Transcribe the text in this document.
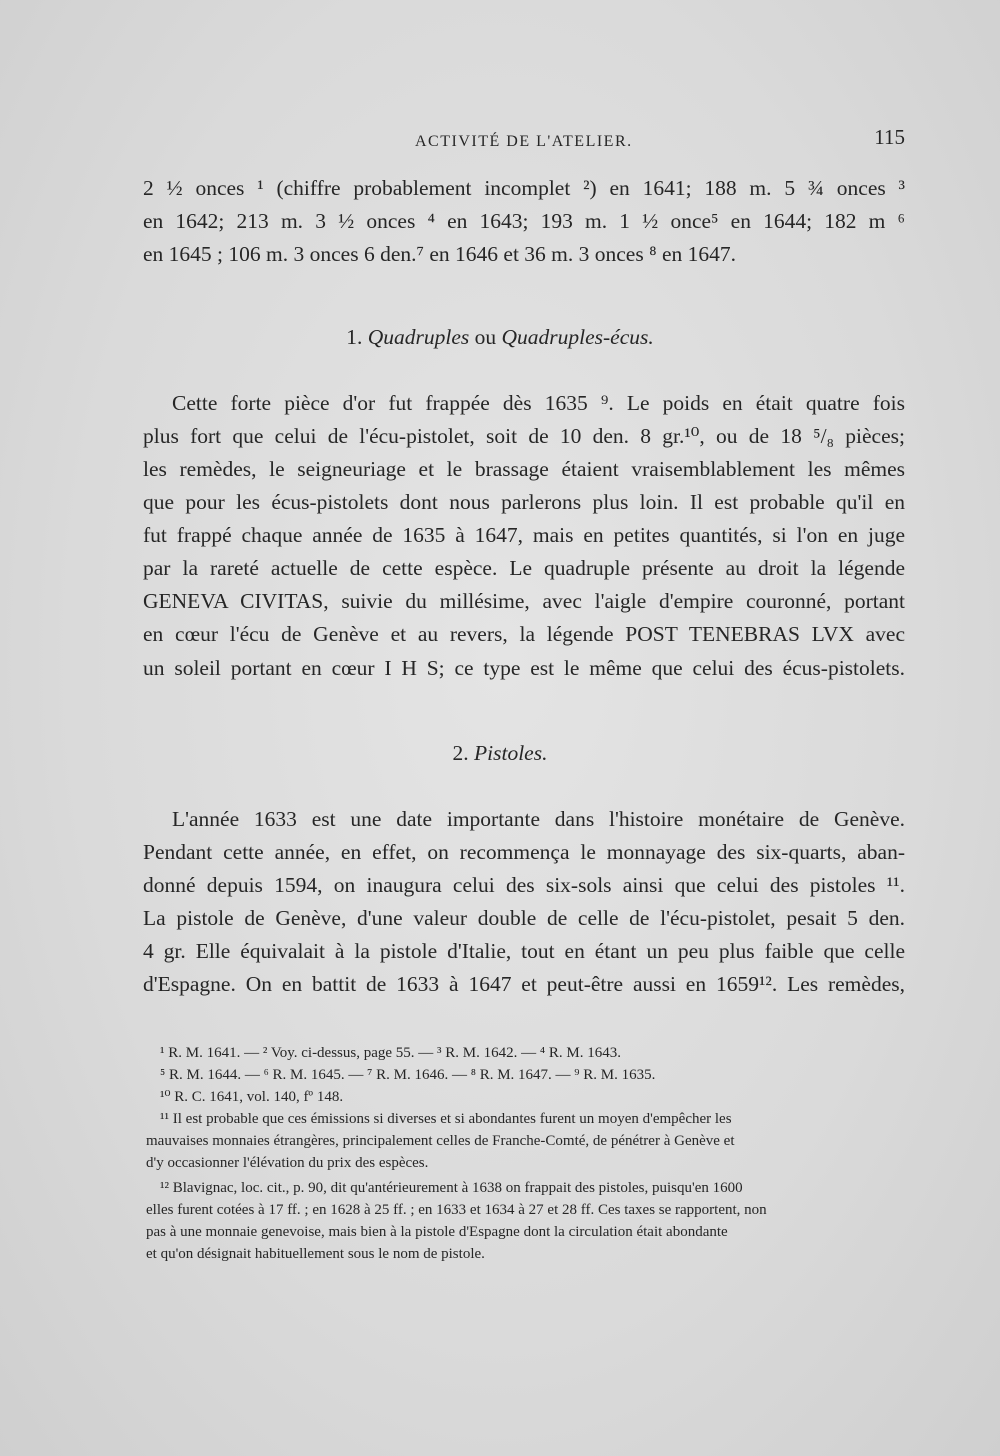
ACTIVITÉ DE L'ATELIER.	115
2 ½ onces ¹ (chiffre probablement incomplet ²) en 1641; 188 m. 5 ¾ onces ³
en 1642; 213 m. 3 ½ onces ⁴ en 1643; 193 m. 1 ½ once⁵ en 1644; 182 m ⁶
en 1645 ; 106 m. 3 onces 6 den.⁷ en 1646 et 36 m. 3 onces ⁸ en 1647.
1. Quadruples ou Quadruples-écus.
Cette forte pièce d'or fut frappée dès 1635 ⁹. Le poids en était quatre fois
plus fort que celui de l'écu-pistolet, soit de 10 den. 8 gr.¹⁰, ou de 18 ⁵/₈ pièces;
les remèdes, le seigneuriage et le brassage étaient vraisemblablement les mêmes
que pour les écus-pistolets dont nous parlerons plus loin. Il est probable qu'il en
fut frappé chaque année de 1635 à 1647, mais en petites quantités, si l'on en juge
par la rareté actuelle de cette espèce. Le quadruple présente au droit la légende
GENEVA CIVITAS, suivie du millésime, avec l'aigle d'empire couronné, portant
en cœur l'écu de Genève et au revers, la légende POST TENEBRAS LVX avec
un soleil portant en cœur I H S; ce type est le même que celui des écus-pistolets.
2. Pistoles.
L'année 1633 est une date importante dans l'histoire monétaire de Genève.
Pendant cette année, en effet, on recommença le monnayage des six-quarts, aban-
donné depuis 1594, on inaugura celui des six-sols ainsi que celui des pistoles ¹¹.
La pistole de Genève, d'une valeur double de celle de l'écu-pistolet, pesait 5 den.
4 gr. Elle équivalait à la pistole d'Italie, tout en étant un peu plus faible que celle
d'Espagne. On en battit de 1633 à 1647 et peut-être aussi en 1659¹². Les remèdes,
¹ R. M. 1641. — ² Voy. ci-dessus, page 55. — ³ R. M. 1642. — ⁴ R. M. 1643.
⁵ R. M. 1644. — ⁶ R. M. 1645. — ⁷ R. M. 1646. — ⁸ R. M. 1647. — ⁹ R. M. 1635.
¹⁰ R. C. 1641, vol. 140, fº 148.
¹¹ Il est probable que ces émissions si diverses et si abondantes furent un moyen d'empêcher les
mauvaises monnaies étrangères, principalement celles de Franche-Comté, de pénétrer à Genève et
d'y occasionner l'élévation du prix des espèces.
¹² Blavignac, loc. cit., p. 90, dit qu'antérieurement à 1638 on frappait des pistoles, puisqu'en 1600
elles furent cotées à 17 ff. ; en 1628 à 25 ff. ; en 1633 et 1634 à 27 et 28 ff. Ces taxes se rapportent, non
pas à une monnaie genevoise, mais bien à la pistole d'Espagne dont la circulation était abondante
et qu'on désignait habituellement sous le nom de pistole.
